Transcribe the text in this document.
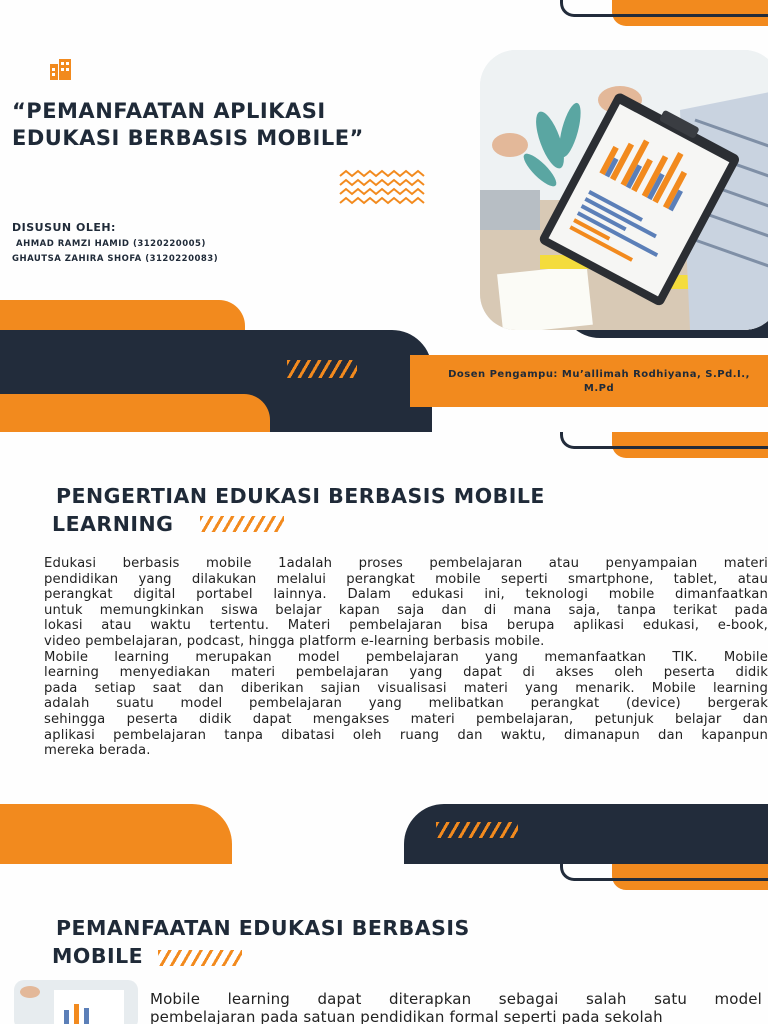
“PEMANFAATAN APLIKASI
EDUKASI BERBASIS MOBILE”
DISUSUN OLEH:
AHMAD RAMZI HAMID (3120220005)
GHAUTSA ZAHIRA SHOFA (3120220083)
Dosen Pengampu: Mu’allimah Rodhiyana, S.Pd.I.,
M.Pd
PENGERTIAN EDUKASI BERBASIS MOBILE
LEARNING
Edukasi berbasis mobile 1adalah proses pembelajaran atau penyampaian materi
pendidikan yang dilakukan melalui perangkat mobile seperti smartphone, tablet, atau
perangkat digital portabel lainnya. Dalam edukasi ini, teknologi mobile dimanfaatkan
untuk memungkinkan siswa belajar kapan saja dan di mana saja, tanpa terikat pada
lokasi atau waktu tertentu. Materi pembelajaran bisa berupa aplikasi edukasi, e-book,
video pembelajaran, podcast, hingga platform e-learning berbasis mobile.
Mobile learning merupakan model pembelajaran yang memanfaatkan TIK. Mobile
learning menyediakan materi pembelajaran yang dapat di akses oleh peserta didik
pada setiap saat dan diberikan sajian visualisasi materi yang menarik. Mobile learning
adalah suatu model pembelajaran yang melibatkan perangkat (device) bergerak
sehingga peserta didik dapat mengakses materi pembelajaran, petunjuk belajar dan
aplikasi pembelajaran tanpa dibatasi oleh ruang dan waktu, dimanapun dan kapanpun
mereka berada.
PEMANFAATAN EDUKASI BERBASIS
MOBILE
Mobile learning dapat diterapkan sebagai salah satu model
pembelajaran pada satuan pendidikan formal seperti pada sekolah
